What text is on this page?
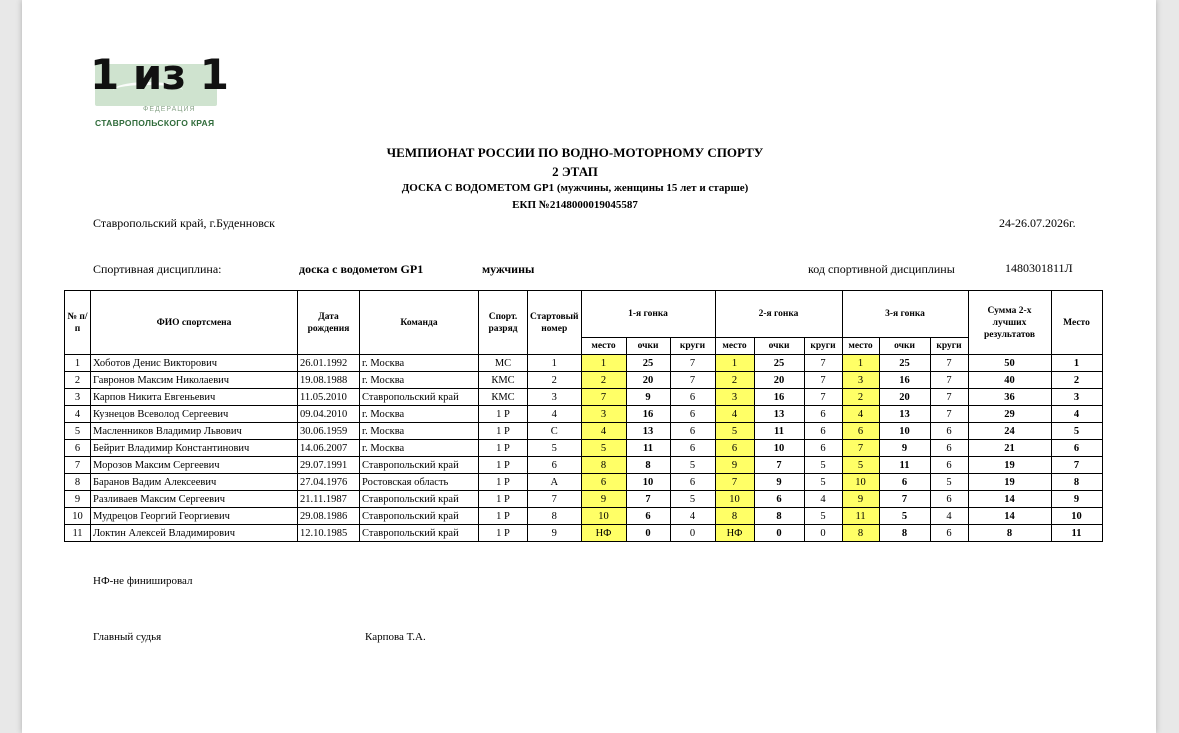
ФЕДЕРАЦИЯ
СТАВРОПОЛЬСКОГО КРАЯ
1 из 1
ЧЕМПИОНАТ РОССИИ ПО ВОДНО-МОТОРНОМУ СПОРТУ
2 ЭТАП
ДОСКА С ВОДОМЕТОМ GP1 (мужчины, женщины 15 лет и старше)
ЕКП №2148000019045587
Ставропольский край, г.Буденновск	24-26.07.2026г.
Спортивная дисциплина:	доска с водометом GP1	мужчины	код спортивной дисциплины	1480301811Л
№ п/п	ФИО спортсмена	Дата рождения	Команда	Спорт. разряд	Стартовый номер	1-я гонка			2-я гонка			3-я гонка			Сумма 2-х лучших результатов	Место
						место	очки	круги	место	очки	круги	место	очки	круги		
1	Хоботов Денис Викторович	26.01.1992	г. Москва	МС	1	1	25	7	1	25	7	1	25	7	50	1
2	Гавронов Максим Николаевич	19.08.1988	г. Москва	КМС	2	2	20	7	2	20	7	3	16	7	40	2
3	Карпов Никита Евгеньевич	11.05.2010	Ставропольский край	КМС	3	7	9	6	3	16	7	2	20	7	36	3
4	Кузнецов Всеволод Сергеевич	09.04.2010	г. Москва	1 Р	4	3	16	6	4	13	6	4	13	7	29	4
5	Масленников Владимир Львович	30.06.1959	г. Москва	1 Р	С	4	13	6	5	11	6	6	10	6	24	5
6	Бейрит Владимир Константинович	14.06.2007	г. Москва	1 Р	5	5	11	6	6	10	6	7	9	6	21	6
7	Морозов Максим Сергеевич	29.07.1991	Ставропольский край	1 Р	6	8	8	5	9	7	5	5	11	6	19	7
8	Баранов Вадим Алексеевич	27.04.1976	Ростовская область	1 Р	А	6	10	6	7	9	5	10	6	5	19	8
9	Разливаев Максим Сергеевич	21.11.1987	Ставропольский край	1 Р	7	9	7	5	10	6	4	9	7	6	14	9
10	Мудрецов Георгий Георгиевич	29.08.1986	Ставропольский край	1 Р	8	10	6	4	8	8	5	11	5	4	14	10
11	Локтин Алексей Владимирович	12.10.1985	Ставропольский край	1 Р	9	НФ	0	0	НФ	0	0	8	8	6	8	11
НФ-не финишировал
Главный судья	Карпова Т.А.
